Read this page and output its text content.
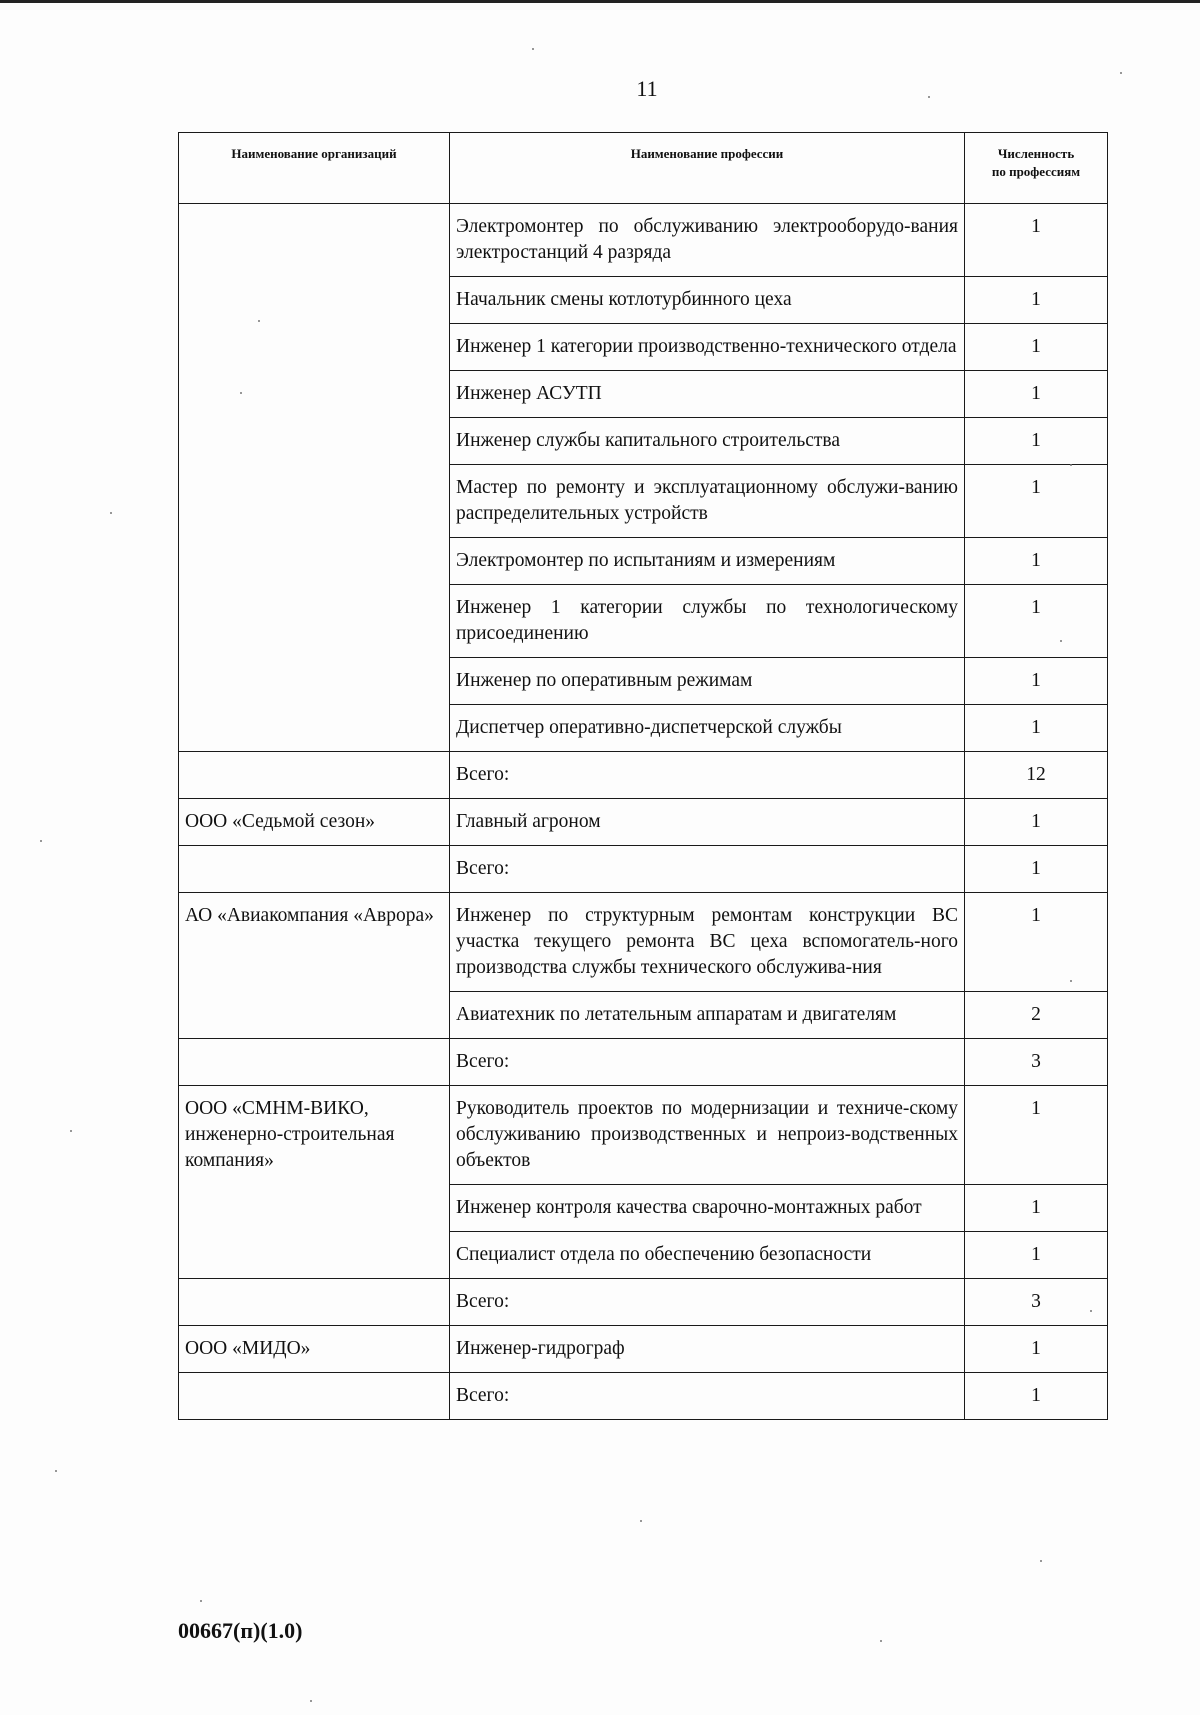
11
Наименование организаций	Наименование профессии	Численность
по профессиям
	Электромонтер по обслуживанию электрооборудо-вания электростанций 4 разряда	1
	Начальник смены котлотурбинного цеха	1
	Инженер 1 категории производственно-технического отдела	1
	Инженер АСУТП	1
	Инженер службы капитального строительства	1
	Мастер по ремонту и эксплуатационному обслужи-ванию распределительных устройств	1
	Электромонтер по испытаниям и измерениям	1
	Инженер 1 категории службы по технологическому присоединению	1
	Инженер по оперативным режимам	1
	Диспетчер оперативно-диспетчерской службы	1
	Всего:	12
ООО «Седьмой сезон»	Главный агроном	1
	Всего:	1
АО «Авиакомпания «Аврора»	Инженер по структурным ремонтам конструкции ВС участка текущего ремонта ВС цеха вспомогатель-ного производства службы технического обслужива-ния	1
	Авиатехник по летательным аппаратам и двигателям	2
	Всего:	3
ООО «СМНМ-ВИКО, инженерно-строительная компания»	Руководитель проектов по модернизации и техниче-скому обслуживанию производственных и непроиз-водственных объектов	1
	Инженер контроля качества сварочно-монтажных работ	1
	Специалист отдела по обеспечению безопасности	1
	Всего:	3
ООО «МИДО»	Инженер-гидрограф	1
	Всего:	1
00667(п)(1.0)
